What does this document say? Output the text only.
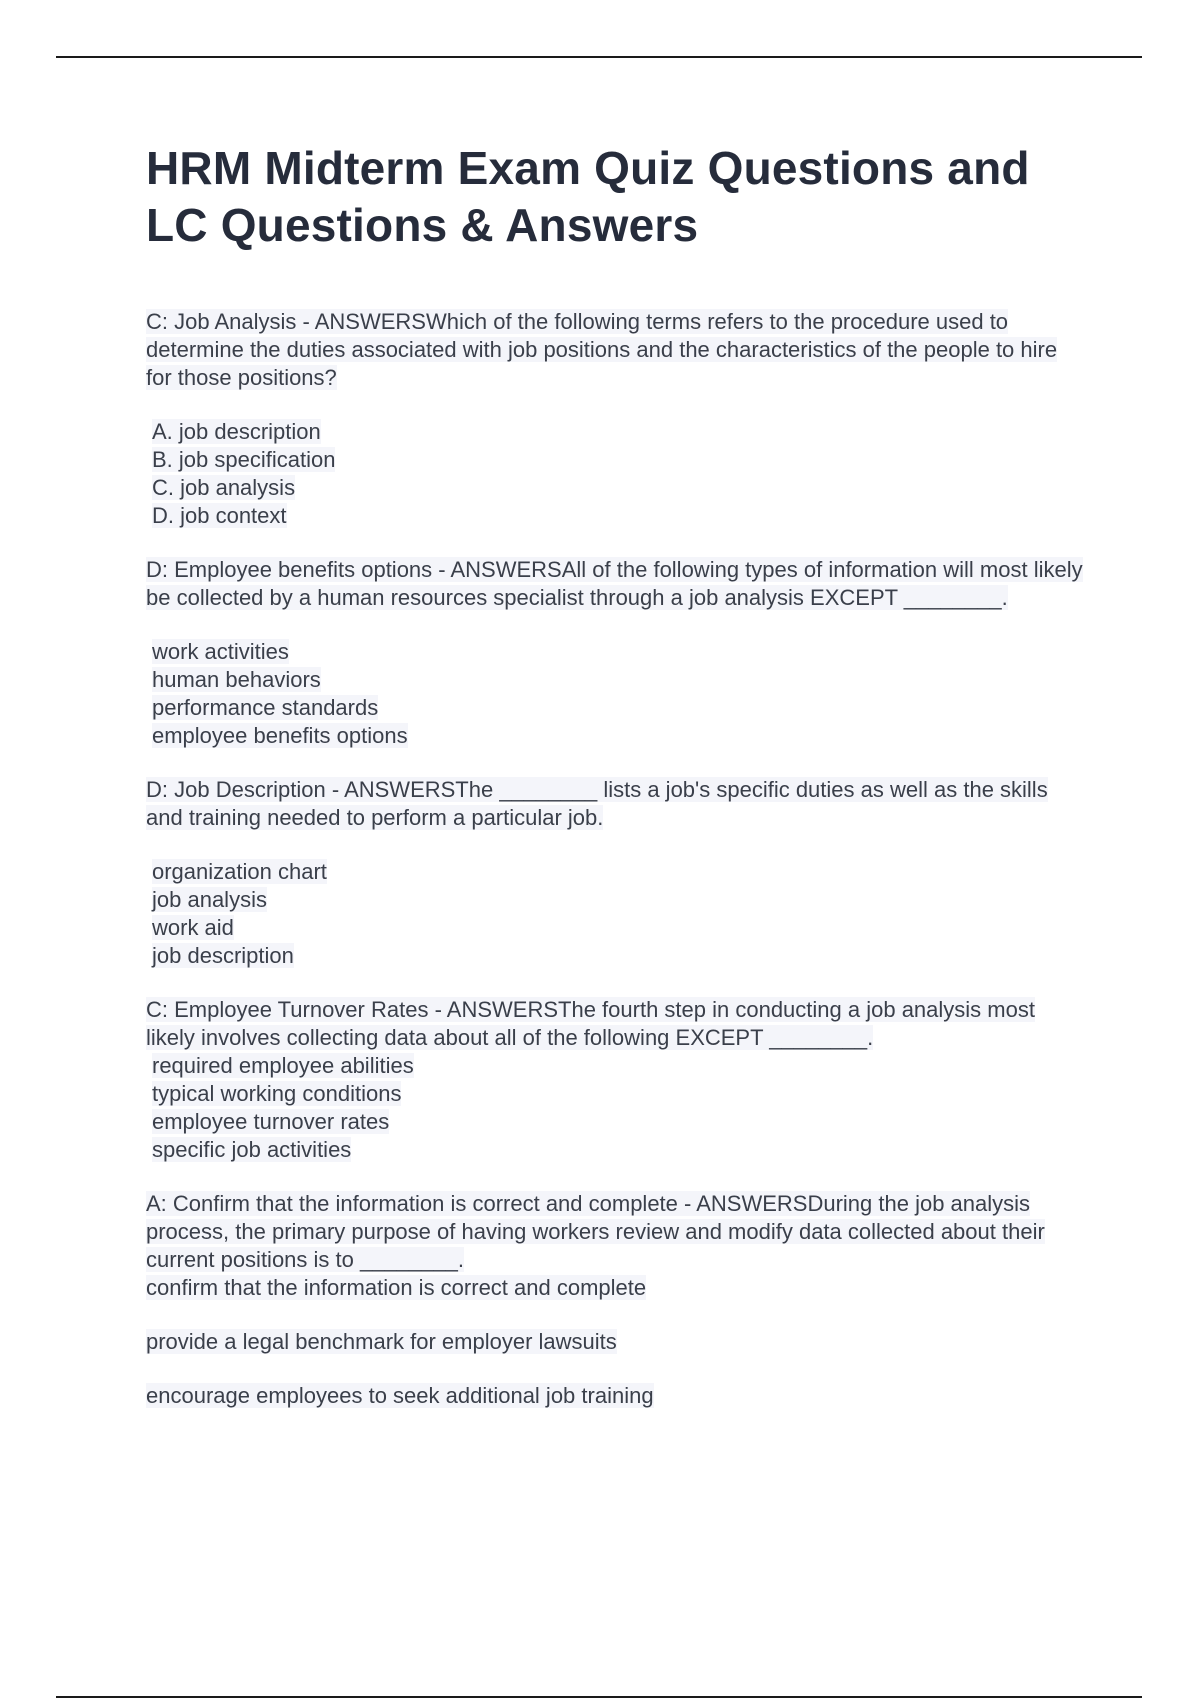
HRM Midterm Exam Quiz Questions and
LC Questions & Answers

C: Job Analysis - ANSWERSWhich of the following terms refers to the procedure used to determine the duties associated with job positions and the characteristics of the people to hire for those positions?

A. job description
B. job specification
C. job analysis
D. job context

D: Employee benefits options - ANSWERSAll of the following types of information will most likely be collected by a human resources specialist through a job analysis EXCEPT ________.

work activities
human behaviors
performance standards
employee benefits options

D: Job Description - ANSWERSThe ________ lists a job's specific duties as well as the skills and training needed to perform a particular job.

organization chart
job analysis
work aid
job description
C: Employee Turnover Rates - ANSWERSThe fourth step in conducting a job analysis most likely involves collecting data about all of the following EXCEPT ________.
required employee abilities
typical working conditions
employee turnover rates
specific job activities
A: Confirm that the information is correct and complete - ANSWERSDuring the job analysis process, the primary purpose of having workers review and modify data collected about their current positions is to ________.
confirm that the information is correct and complete

provide a legal benchmark for employer lawsuits

encourage employees to seek additional job training
